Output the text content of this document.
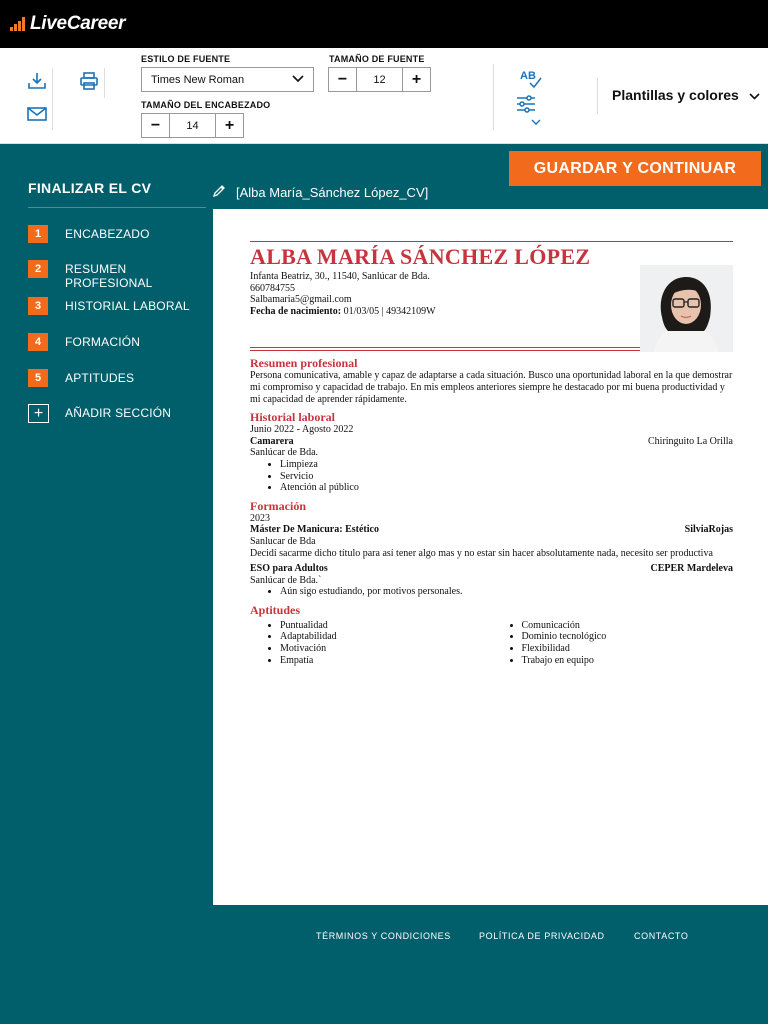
LiveCareer
ESTILO DE FUENTE
Times New Roman
TAMAÑO DE FUENTE
−	12	+
TAMAÑO DEL ENCABEZADO
−	14	+
AB
Plantillas y colores
GUARDAR Y CONTINUAR
FINALIZAR EL CV
1	ENCABEZADO
2	RESUMEN PROFESIONAL
3	HISTORIAL LABORAL
4	FORMACIÓN
5	APTITUDES
+	AÑADIR SECCIÓN
[Alba María_Sánchez López_CV]
ALBA MARÍA SÁNCHEZ LÓPEZ
Infanta Beatriz, 30., 11540, Sanlúcar de Bda.
660784755
Salbamaria5@gmail.com
Fecha de nacimiento: 01/03/05 | 49342109W
Resumen profesional
Persona comunicativa, amable y capaz de adaptarse a cada situación. Busco una oportunidad laboral en la que demostrar mi compromiso y capacidad de trabajo. En mis empleos anteriores siempre he destacado por mi buena productividad y mi capacidad de aprender rápidamente.
Historial laboral
Junio 2022 - Agosto 2022
Camarera	Chiringuito La Orilla
Sanlúcar de Bda.
• Limpieza
• Servicio
• Atención al público
Formación
2023
Máster De Manicura: Estético	SilviaRojas
Sanlucar de Bda
Decidí sacarme dicho título para así tener algo mas y no estar sin hacer absolutamente nada, necesito ser productiva
ESO para Adultos	CEPER Mardeleva
Sanlúcar de Bda.`
• Aún sigo estudiando, por motivos personales.
Aptitudes
• Puntualidad
• Adaptabilidad
• Motivación
• Empatía
• Comunicación
• Dominio tecnológico
• Flexibilidad
• Trabajo en equipo
TÉRMINOS Y CONDICIONES	POLÍTICA DE PRIVACIDAD	CONTACTO
